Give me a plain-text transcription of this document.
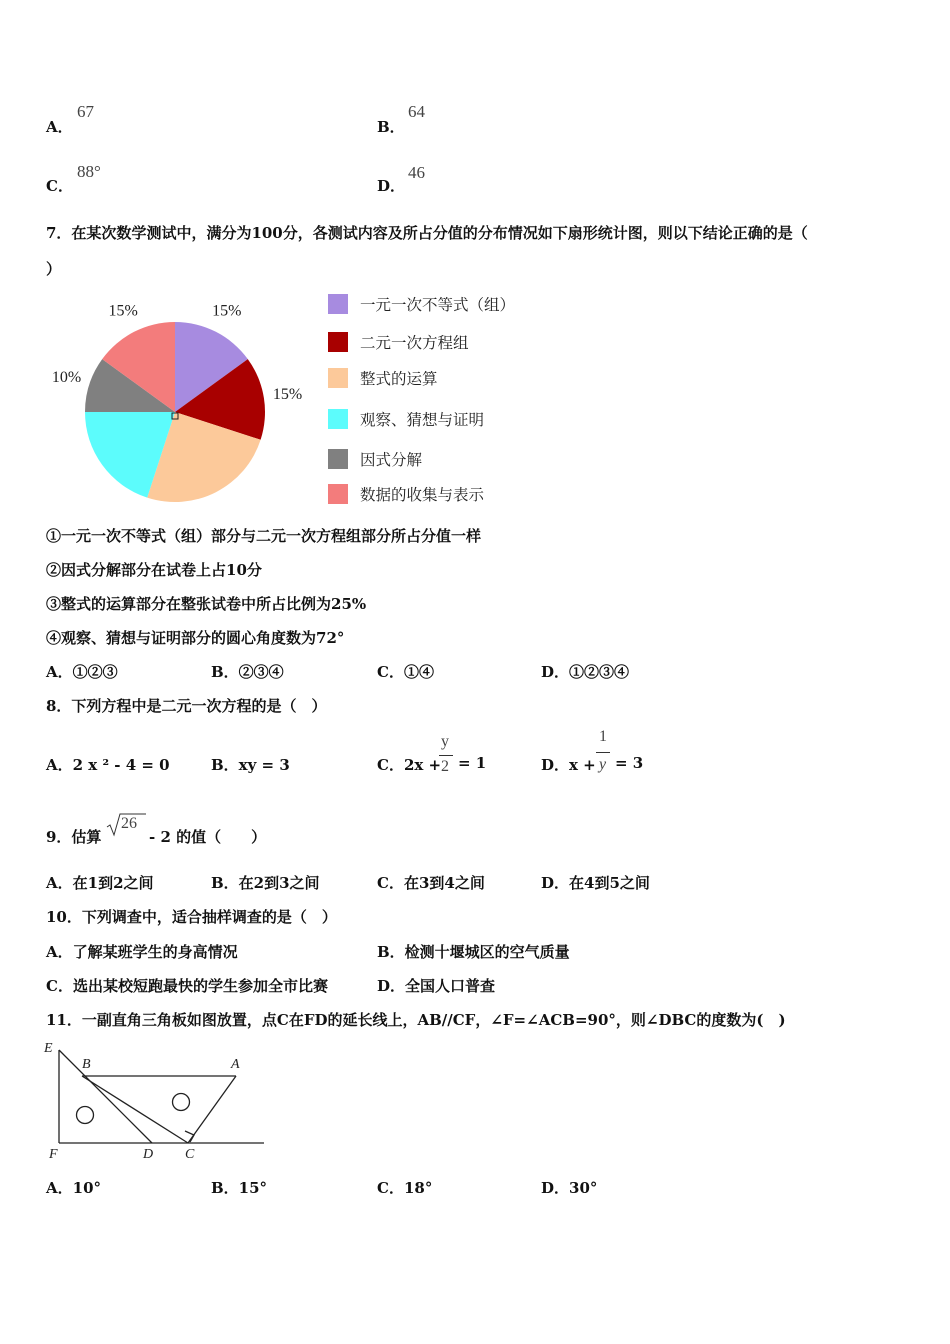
A．
67
B．
64
C．
88°
D．
46
7．在某次数学测试中，满分为100分，各测试内容及所占分值的分布情况如下扇形统计图，则以下结论正确的是（
）
15%
15%
10%
15%	一元一次不等式（组）
二元一次方程组
整式的运算
观察、猜想与证明
因式分解
数据的收集与表示
①一元一次不等式（组）部分与二元一次方程组部分所占分值一样
②因式分解部分在试卷上占10分
③整式的运算部分在整张试卷中所占比例为25%
④观察、猜想与证明部分的圆心角度数为72°
A．①②③	B．②③④	C．①④	D．①②③④
8．下列方程中是二元一次方程的是（　）
A．2 x ² - 4 = 0	B．xy = 3	C．2x +
y
2 = 1	D．x +
1
y = 3
9．估算
26
- 2 的值（　　）
A．在1到2之间	B．在2到3之间	C．在3到4之间	D．在4到5之间
10．下列调查中，适合抽样调查的是（　）
A．了解某班学生的身高情况	B．检测十堰城区的空气质量
C．选出某校短跑最快的学生参加全市比赛	D．全国人口普查
11．一副直角三角板如图放置，点C在FD的延长线上，AB//CF，∠F=∠ACB=90°，则∠DBC的度数为(　)
E
B	A
F	D C
A．10°	B．15°	C．18°	D．30°
